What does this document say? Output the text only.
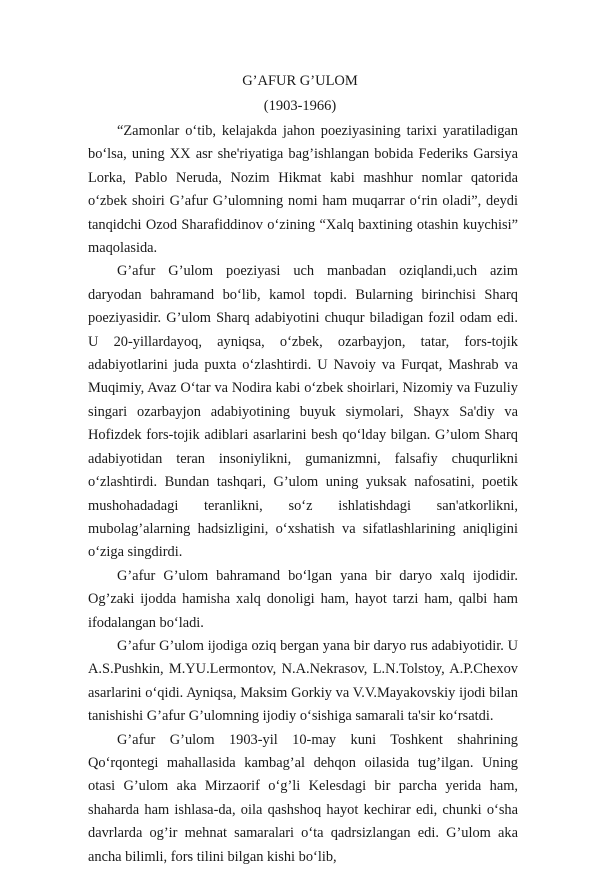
G’AFUR G’ULOM
(1903-1966)

“Zamonlar o‘tib, kelajakda jahon poeziyasining tarixi yaratiladigan bo‘lsa, uning XX asr she'riyatiga bag’ishlangan bobida Federiks Garsiya Lorka, Pablo Neruda, Nozim Hikmat kabi mashhur nomlar qatorida o‘zbek shoiri G’afur G’ulomning nomi ham muqarrar o‘rin oladi”, deydi tanqidchi Ozod Sharafiddinov o‘zining “Xalq baxtining otashin kuychisi” maqolasida.

G’afur G’ulom poeziyasi uch manbadan oziqlandi,uch azim daryodan bahramand bo‘lib, kamol topdi. Bularning birinchisi Sharq poeziyasidir. G’ulom Sharq adabiyotini chuqur biladigan fozil odam edi. U 20-yillardayoq, ayniqsa, o‘zbek, ozarbayjon, tatar, fors-tojik adabiyotlarini juda puxta o‘zlashtirdi. U Navoiy va Furqat, Mashrab va Muqimiy, Avaz O‘tar va Nodira kabi o‘zbek shoirlari, Nizomiy va Fuzuliy singari ozarbayjon adabiyotining buyuk siymolari, Shayx Sa'diy va Hofizdek fors-tojik adiblari asarlarini besh qo‘lday bilgan. G’ulom Sharq adabiyotidan teran insoniylikni, gumanizmni, falsafiy chuqurlikni o‘zlashtirdi. Bundan tashqari, G’ulom uning yuksak nafosatini, poetik mushohadadagi teranlikni, so‘z ishlatishdagi san'atkorlikni, mubolag’alarning hadsizligini, o‘xshatish va sifatlashlarining aniqligini o‘ziga singdirdi.

G’afur G’ulom bahramand bo‘lgan yana bir daryo xalq ijodidir. Og’zaki ijodda hamisha xalq donoligi ham, hayot tarzi ham, qalbi ham ifodalangan bo‘ladi.

G’afur G’ulom ijodiga oziq bergan yana bir daryo rus adabiyotidir. U A.S.Pushkin, M.YU.Lermontov, N.A.Nekrasov, L.N.Tolstoy, A.P.Chexov asarlarini o‘qidi. Ayniqsa, Maksim Gorkiy va V.V.Mayakovskiy ijodi bilan tanishishi G’afur G’ulomning ijodiy o‘sishiga samarali ta'sir ko‘rsatdi.

G’afur G’ulom 1903-yil 10-may kuni Toshkent shahrining Qo‘rqontegi mahallasida kambag’al dehqon oilasida tug’ilgan. Uning otasi G’ulom aka Mirzaorif o‘g’li Kelesdagi bir parcha yerida ham, shaharda ham ishlasa-da, oila qashshoq hayot kechirar edi, chunki o‘sha davrlarda og’ir mehnat samaralari o‘ta qadrsizlangan edi. G’ulom aka ancha bilimli, fors tilini bilgan kishi bo‘lib,
